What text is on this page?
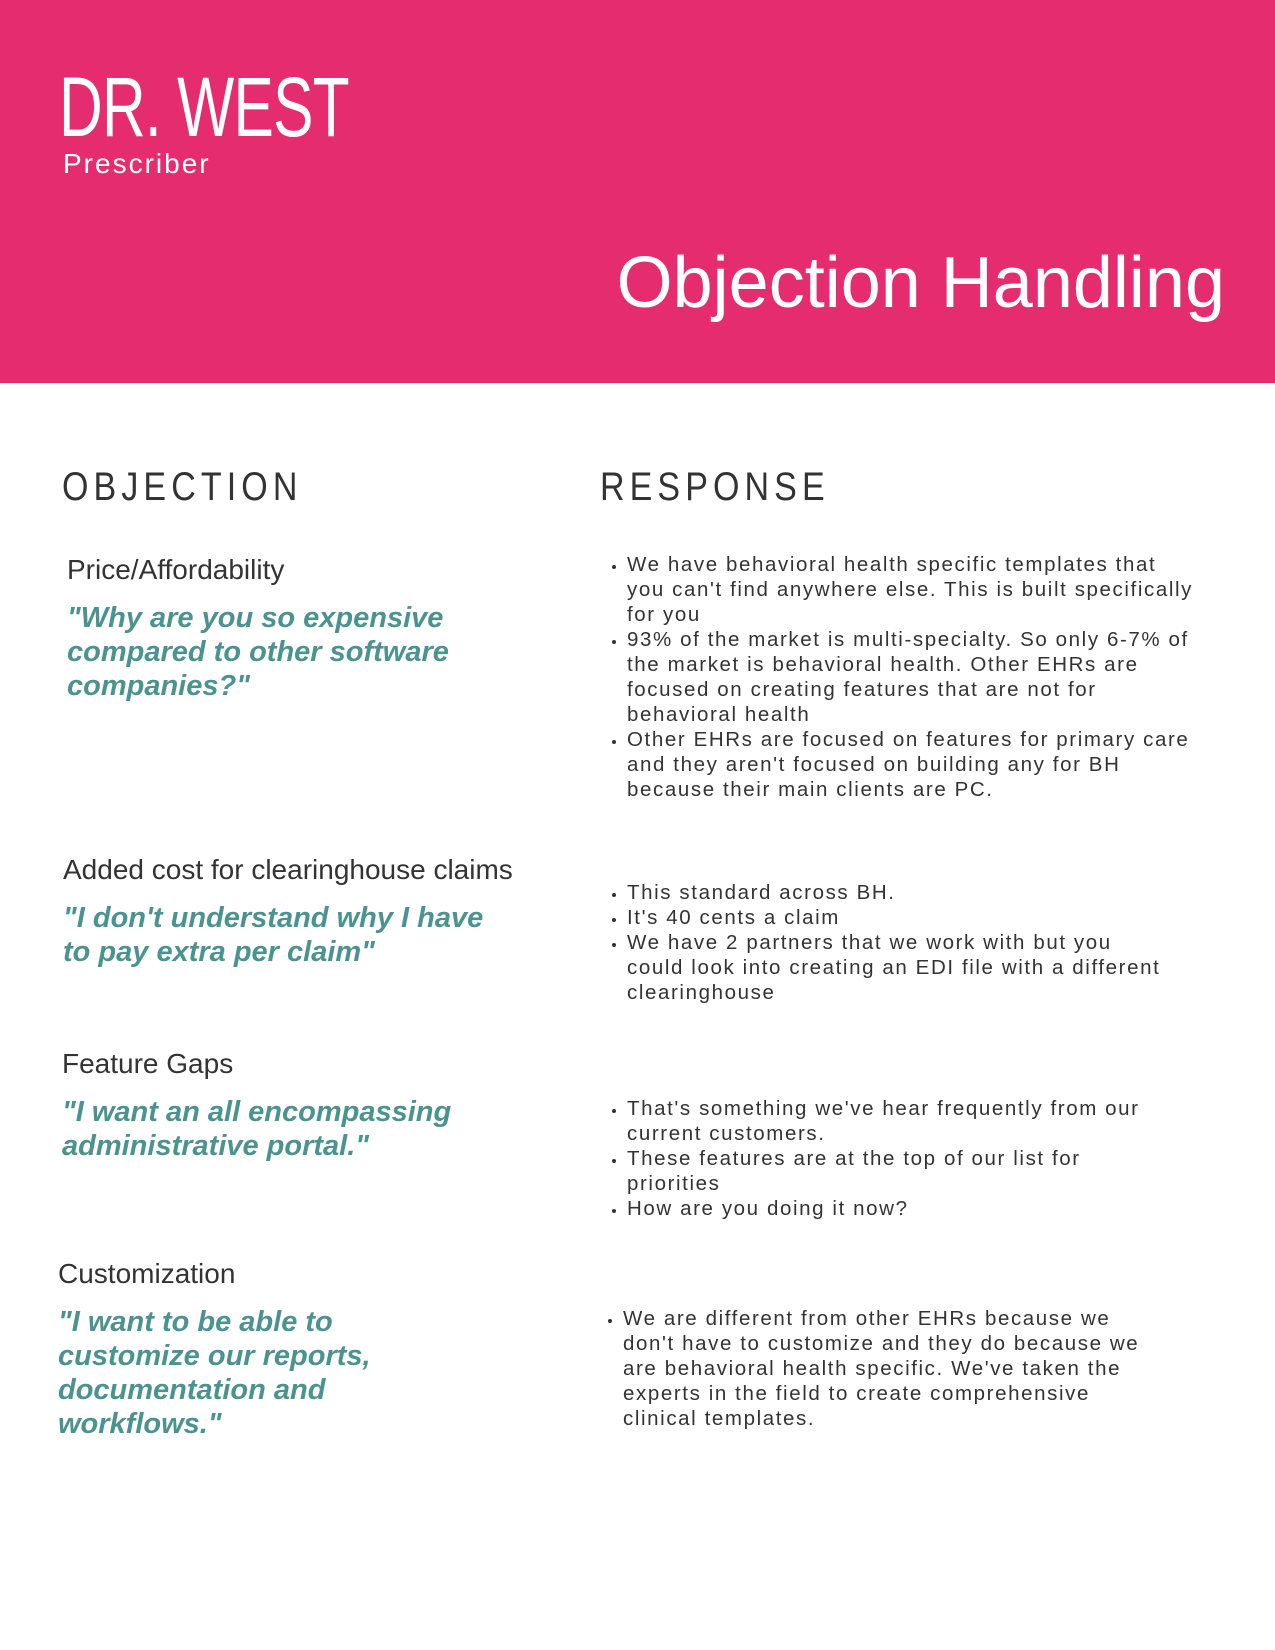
DR. WEST
Prescriber
Objection Handling
OBJECTION	RESPONSE
Price/Affordability
"Why are you so expensive compared to other software companies?"
• We have behavioral health specific templates that you can't find anywhere else. This is built specifically for you
• 93% of the market is multi-specialty. So only 6-7% of the market is behavioral health. Other EHRs are focused on creating features that are not for behavioral health
• Other EHRs are focused on features for primary care and they aren't focused on building any for BH because their main clients are PC.
Added cost for clearinghouse claims
"I don't understand why I have to pay extra per claim"
• This standard across BH.
• It's 40 cents a claim
• We have 2 partners that we work with but you could look into creating an EDI file with a different clearinghouse
Feature Gaps
"I want an all encompassing administrative portal."
• That's something we've hear frequently from our current customers.
• These features are at the top of our list for priorities
• How are you doing it now?
Customization
"I want to be able to customize our reports, documentation and workflows."
• We are different from other EHRs because we don't have to customize and they do because we are behavioral health specific. We've taken the experts in the field to create comprehensive clinical templates.
